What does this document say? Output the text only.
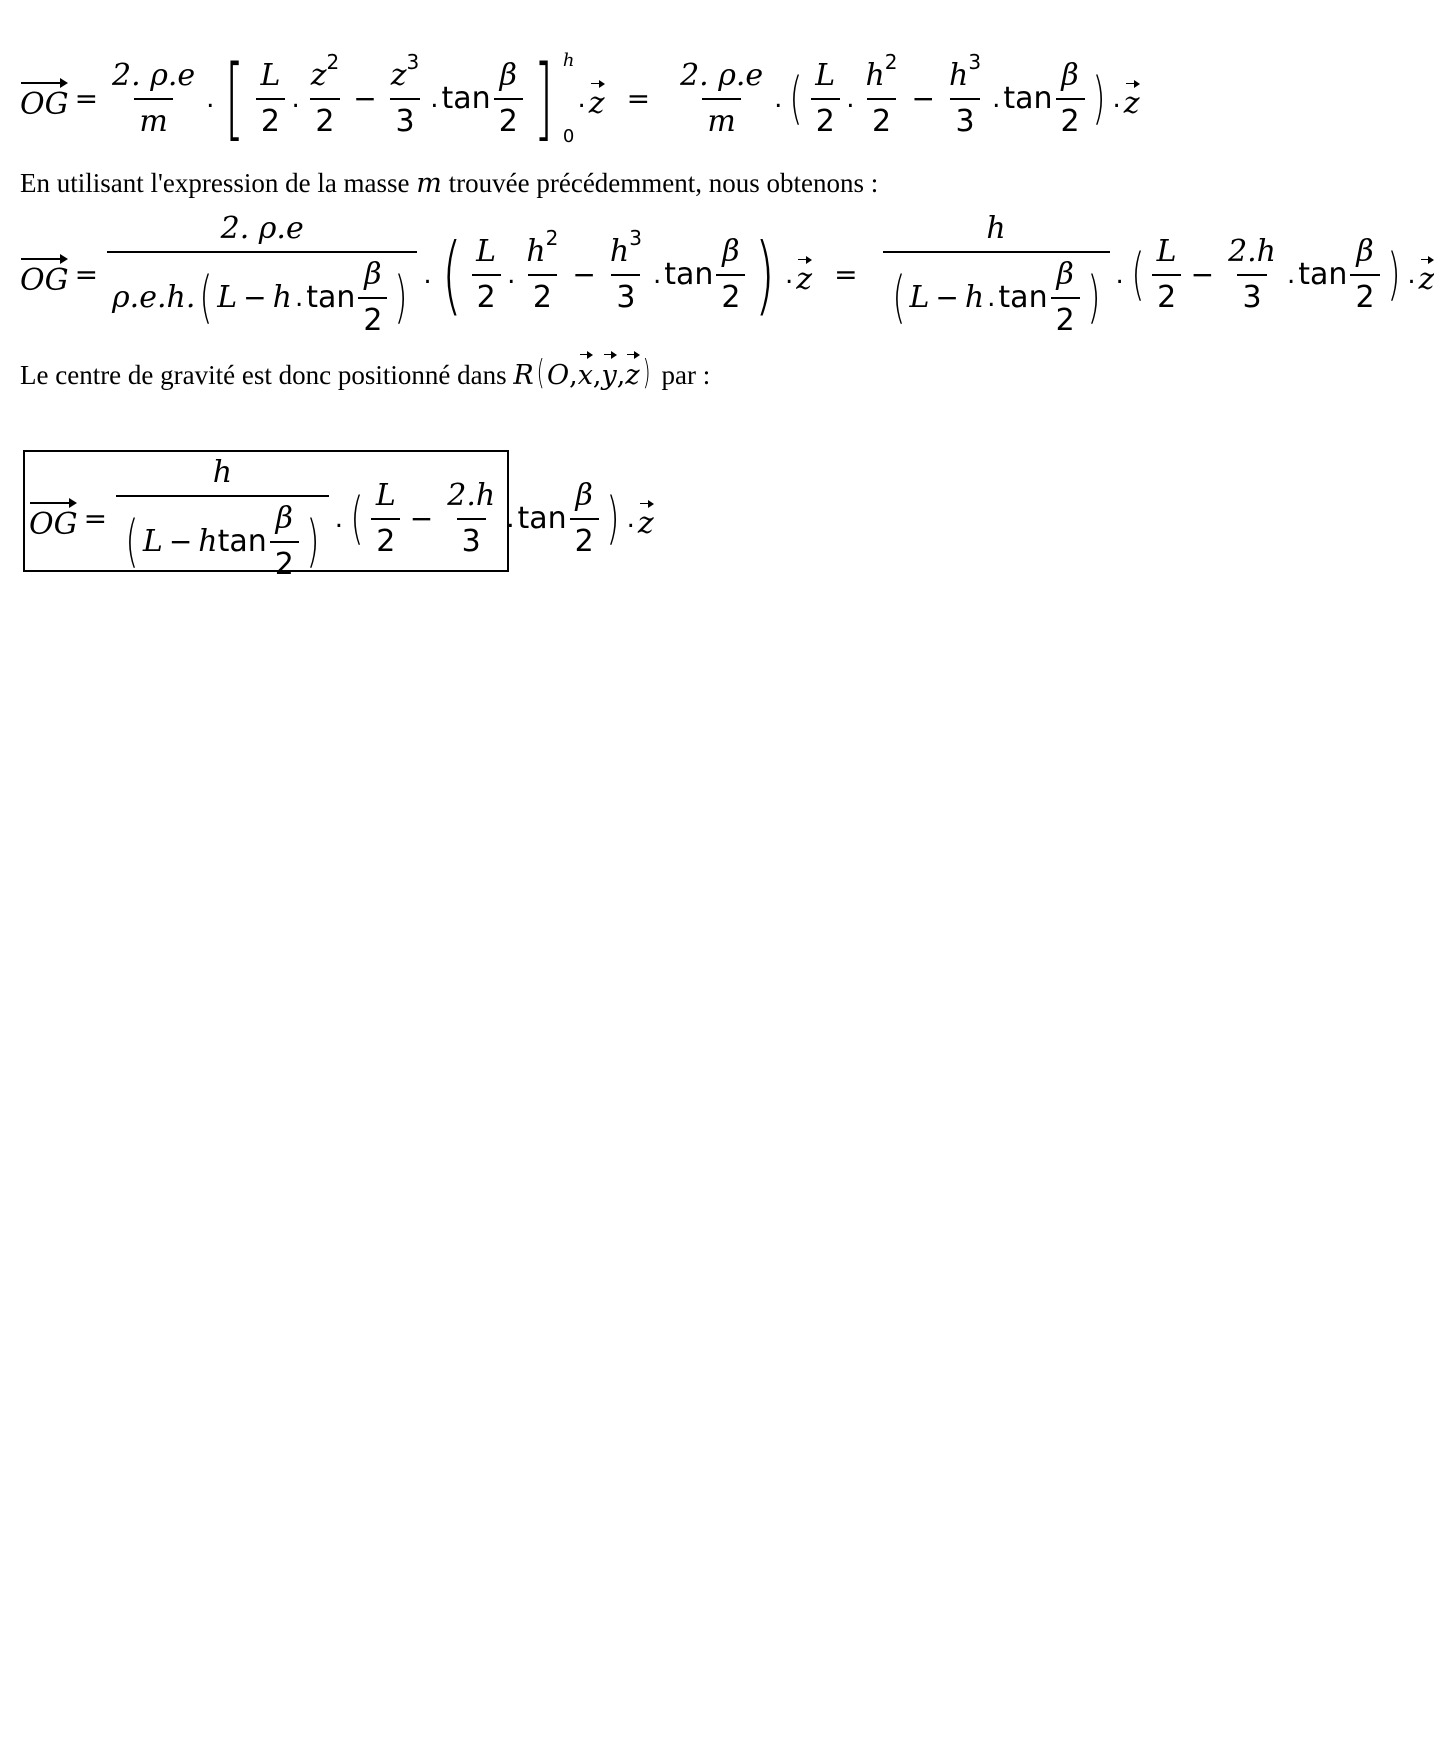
OG = $\frac{2. \rho.e}{m}$ . [ $\frac{L}{2}$ . $\frac{z 2}{2} - \frac{z 3}{3}$ . $\tan \frac{\beta}{2}$ ] h
0
. $z = \frac{2. \rho.e}{m}$ . ( $\frac{L}{2}$ . $\frac{h 2}{2} - \frac{h 3}{3}$ . $\tan \frac{\beta}{2}$ ) . z
En utilisant l'expression de la masse m trouvée précédemment, nous obtenons :
OG =
2. ρ.e
ρ.e.h. ( L − h . $\tan \frac{\beta}{2}$ ) . ( $\frac{L}{2}$ . $\frac{h 2}{2} - \frac{h 3}{3}$ . $\tan \frac{\beta}{2}$ ) . z =
h
( L − h . $\tan \frac{\beta}{2}$ ) . ( $\frac{L}{2} - \frac{2.h}{3}$ . $\tan \frac{\beta}{2}$ ) . z
Le centre de gravité est donc positionné dans R(O,x,y,z) par :
OG =
h
( L − h $\tan \frac{\beta}{2}$ ) . ( $\frac{L}{2} - \frac{2.h}{3}$ . $\tan \frac{\beta}{2}$ ) . z
